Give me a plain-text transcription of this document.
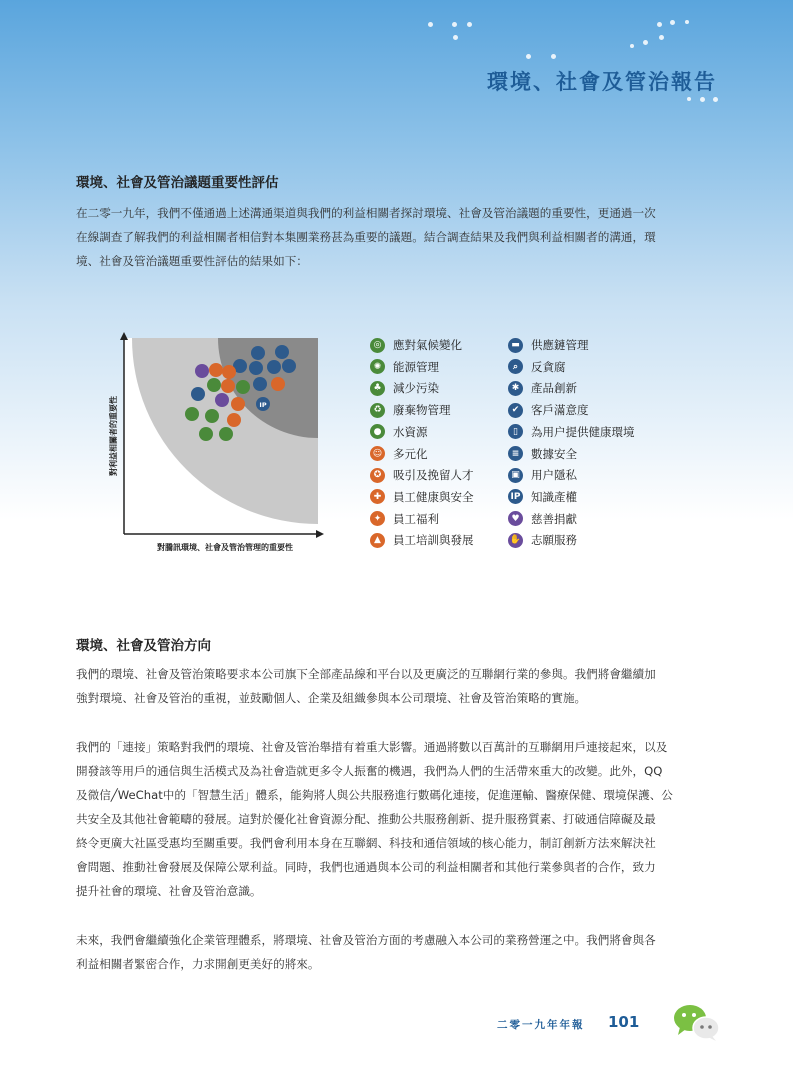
環境、社會及管治報告
環境、社會及管治議題重要性評估
在二零一九年，我們不僅通過上述溝通渠道與我們的利益相關者探討環境、社會及管治議題的重要性，更通過一次
在線調查了解我們的利益相關者相信對本集團業務甚為重要的議題。結合調查結果及我們與利益相關者的溝通，環
境、社會及管治議題重要性評估的結果如下：
IP
對利益相關者的重要性
對騰訊環境、社會及管治管理的重要性
◎	應對氣候變化
✺	能源管理
♣ 減少污染
♻ 廢棄物管理
●	水資源
☺ 多元化
✪	吸引及挽留人才
✚	員工健康與安全
✦	員工福利
▲	員工培訓與發展
▬ 供應鏈管理
⌕	反貪腐
✱	產品創新
✔	客戶滿意度
▯	為用户提供健康環境
≡	數據安全
▣ 用户隱私
IP 知識產權
♥ 慈善捐獻
✋ 志願服務
環境、社會及管治方向
我們的環境、社會及管治策略要求本公司旗下全部產品線和平台以及更廣泛的互聯網行業的參與。我們將會繼續加
強對環境、社會及管治的重視，並鼓勵個人、企業及組織參與本公司環境、社會及管治策略的實施。
我們的「連接」策略對我們的環境、社會及管治舉措有着重大影響。通過將數以百萬計的互聯網用戶連接起來，以及
開發該等用戶的通信與生活模式及為社會造就更多令人振奮的機遇，我們為人們的生活帶來重大的改變。此外，QQ
及微信╱WeChat中的「智慧生活」體系，能夠將人與公共服務進行數碼化連接，促進運輸、醫療保健、環境保護、公
共安全及其他社會範疇的發展。這對於優化社會資源分配、推動公共服務創新、提升服務質素、打破通信障礙及最
終令更廣大社區受惠均至關重要。我們會利用本身在互聯網、科技和通信領域的核心能力，制訂創新方法來解決社
會問題、推動社會發展及保障公眾利益。同時，我們也通過與本公司的利益相關者和其他行業參與者的合作，致力
提升社會的環境、社會及管治意識。
未來，我們會繼續強化企業管理體系，將環境、社會及管治方面的考慮融入本公司的業務營運之中。我們將會與各
利益相關者緊密合作，力求開創更美好的將來。
二零一九年年報 101
